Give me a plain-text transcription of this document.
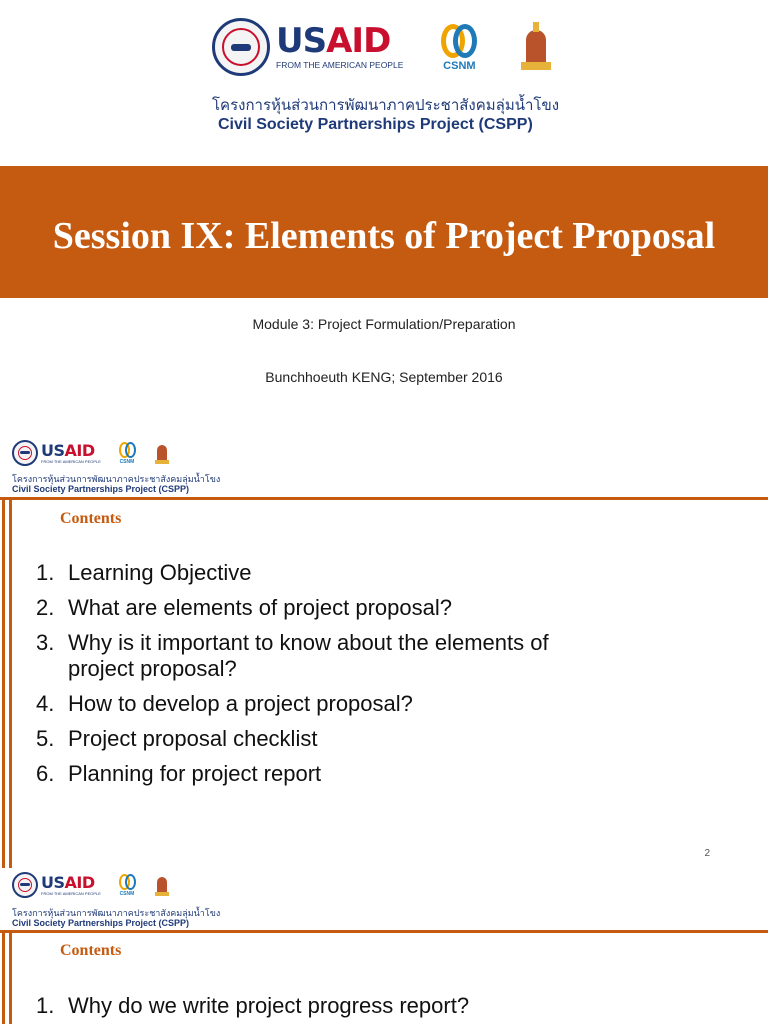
USAID
FROM THE AMERICAN PEOPLE	CSNM
โครงการหุ้นส่วนการพัฒนาภาคประชาสังคมลุ่มน้ำโขง
Civil Society Partnerships Project (CSPP)
Session IX: Elements of Project Proposal
Module 3: Project Formulation/Preparation
Bunchhoeuth KENG; September 2016
USAID
FROM THE AMERICAN PEOPLE	CSNM
โครงการหุ้นส่วนการพัฒนาภาคประชาสังคมลุ่มน้ำโขง
Civil Society Partnerships Project (CSPP)
Contents
1. Learning Objective
2. What are elements of project proposal?
3. Why is it important to know about the elements of project proposal?
4. How to develop a project proposal?
5. Project proposal checklist
6. Planning for project report
2
USAID
FROM THE AMERICAN PEOPLE	CSNM
โครงการหุ้นส่วนการพัฒนาภาคประชาสังคมลุ่มน้ำโขง
Civil Society Partnerships Project (CSPP)
Contents
1. Why do we write project progress report?
